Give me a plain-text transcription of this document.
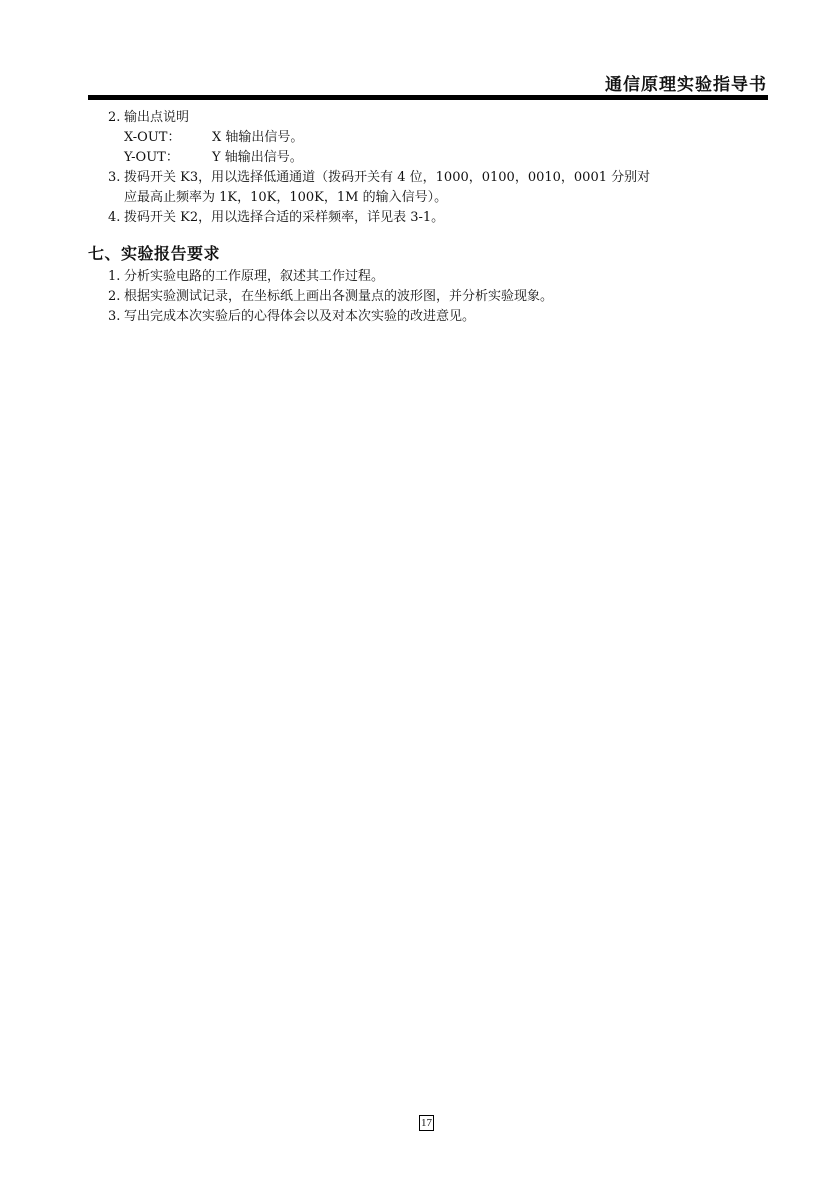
通信原理实验指导书
2. 输出点说明
X-OUT： X 轴输出信号。
Y-OUT：	Y 轴输出信号。
3. 拨码开关 K3，用以选择低通通道（拨码开关有 4 位，1000，0100，0010，0001 分别对
应最高止频率为 1K，10K，100K，1M 的输入信号）。
4. 拨码开关 K2，用以选择合适的采样频率，详见表 3-1。
七、实验报告要求
1. 分析实验电路的工作原理，叙述其工作过程。
2. 根据实验测试记录，在坐标纸上画出各测量点的波形图，并分析实验现象。
3. 写出完成本次实验后的心得体会以及对本次实验的改进意见。
17
